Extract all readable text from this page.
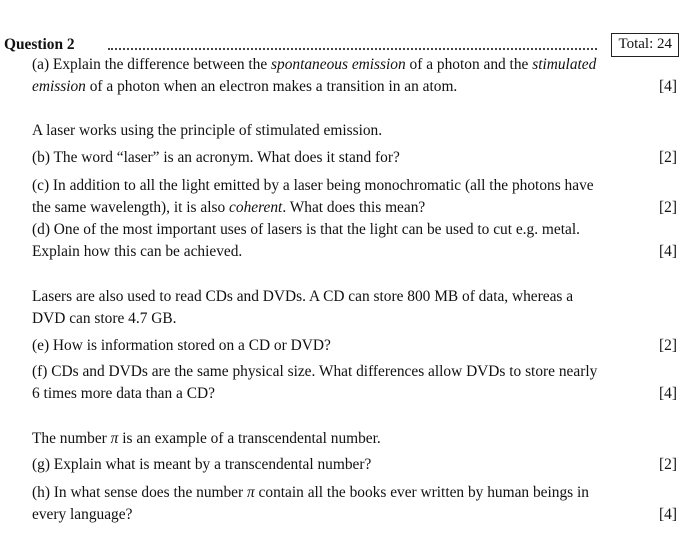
Question 2	Total: 24
(a) Explain the difference between the spontaneous emission of a photon and the stimulated
emission of a photon when an electron makes a transition in an atom.	[4]
A laser works using the principle of stimulated emission.
(b) The word “laser” is an acronym. What does it stand for?	[2]
(c) In addition to all the light emitted by a laser being monochromatic (all the photons have
the same wavelength), it is also coherent. What does this mean?	[2]
(d) One of the most important uses of lasers is that the light can be used to cut e.g. metal.
Explain how this can be achieved.	[4]
Lasers are also used to read CDs and DVDs. A CD can store 800 MB of data, whereas a
DVD can store 4.7 GB.
(e) How is information stored on a CD or DVD?	[2]
(f) CDs and DVDs are the same physical size. What differences allow DVDs to store nearly
6 times more data than a CD?	[4]
The number π is an example of a transcendental number.
(g) Explain what is meant by a transcendental number?	[2]
(h) In what sense does the number π contain all the books ever written by human beings in
every language?	[4]
